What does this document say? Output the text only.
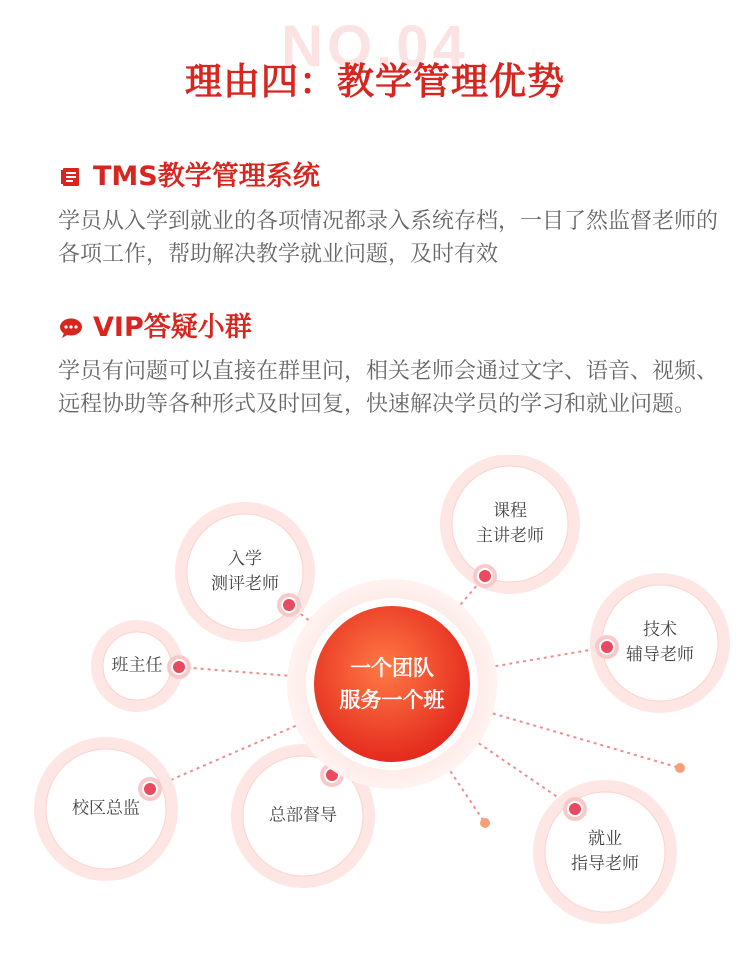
NO.04
理由四：教学管理优势
TMS教学管理系统
学员从入学到就业的各项情况都录入系统存档，一目了然监督老师的各项工作，帮助解决教学就业问题，及时有效
VIP答疑小群
学员有问题可以直接在群里问，相关老师会通过文字、语音、视频、远程协助等各种形式及时回复，快速解决学员的学习和就业问题。
一个团队
服务一个班
课程
主讲老师
入学
测评老师
技术
辅导老师
班主任
校区总监	总部督导
就业
指导老师
